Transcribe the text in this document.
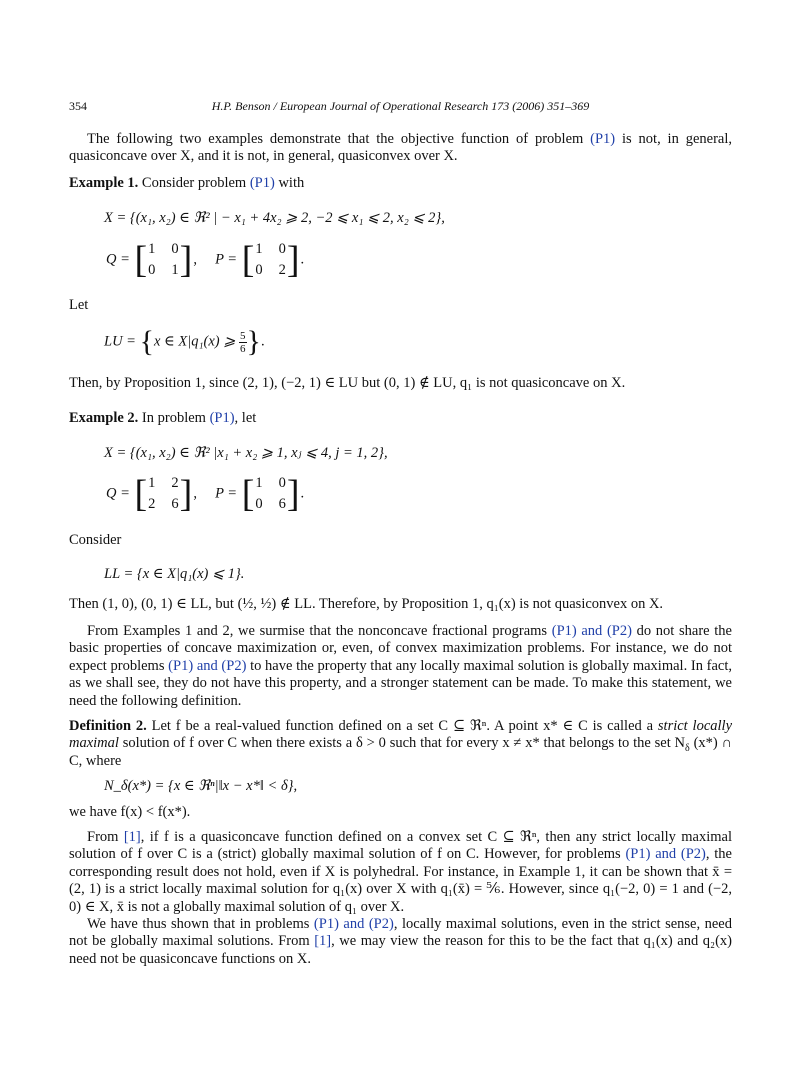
354	H.P. Benson / European Journal of Operational Research 173 (2006) 351–369
The following two examples demonstrate that the objective function of problem (P1) is not, in general, quasiconcave over X, and it is not, in general, quasiconvex over X.
Example 1. Consider problem (P1) with
X = {(x₁, x₂) ∈ ℜ² | − x₁ + 4x₂ ⩾ 2, −2 ⩽ x₁ ⩽ 2, x₂ ⩽ 2},
Q = [ 1 0
0 1 ] ,     P = [ 1 0
0 2 ] .
Let
LU = {x ∈ X|q₁(x) ⩾ $\frac{5}{6}$ }.
Then, by Proposition 1, since (2, 1), (−2, 1) ∈ LU but (0, 1) ∉ LU, q₁ is not quasiconcave on X.
Example 2. In problem (P1), let
X = {(x₁, x₂) ∈ ℜ² |x₁ + x₂ ⩾ 1, xⱼ ⩽ 4, j = 1, 2},
Q = [ 1 2
2 6 ] ,     P = [ 1 0
0 6 ] .
Consider
LL = {x ∈ X|q₁(x) ⩽ 1}.
Then (1, 0), (0, 1) ∈ LL, but (½, ½) ∉ LL. Therefore, by Proposition 1, q₁(x) is not quasiconvex on X.
From Examples 1 and 2, we surmise that the nonconcave fractional programs (P1) and (P2) do not share the basic properties of concave maximization or, even, of convex maximization problems. For instance, we do not expect problems (P1) and (P2) to have the property that any locally maximal solution is globally maximal. In fact, as we shall see, they do not have this property, and a stronger statement can be made. To make this statement, we need the following definition.
Definition 2. Let f be a real-valued function defined on a set C ⊆ ℜⁿ. A point x* ∈ C is called a strict locally maximal solution of f over C when there exists a δ > 0 such that for every x ≠ x* that belongs to the set $N_\delta$ (x*) ∩ C, where
N_δ(x*) = {x ∈ ℜⁿ|‖x − x*‖ < δ},
we have f(x) < f(x*).
From [1], if f is a quasiconcave function defined on a convex set C ⊆ ℜⁿ, then any strict locally maximal solution of f over C is a (strict) globally maximal solution of f on C. However, for problems (P1) and (P2), the corresponding result does not hold, even if X is polyhedral. For instance, in Example 1, it can be shown that x̄ = (2, 1) is a strict locally maximal solution for q₁(x) over X with q₁(x̄) = ⅚. However, since q₁(−2, 0) = 1 and (−2, 0) ∈ X, x̄ is not a globally maximal solution of q₁ over X.
We have thus shown that in problems (P1) and (P2), locally maximal solutions, even in the strict sense, need not be globally maximal solutions. From [1], we may view the reason for this to be the fact that q₁(x) and q₂(x) need not be quasiconcave functions on X.
